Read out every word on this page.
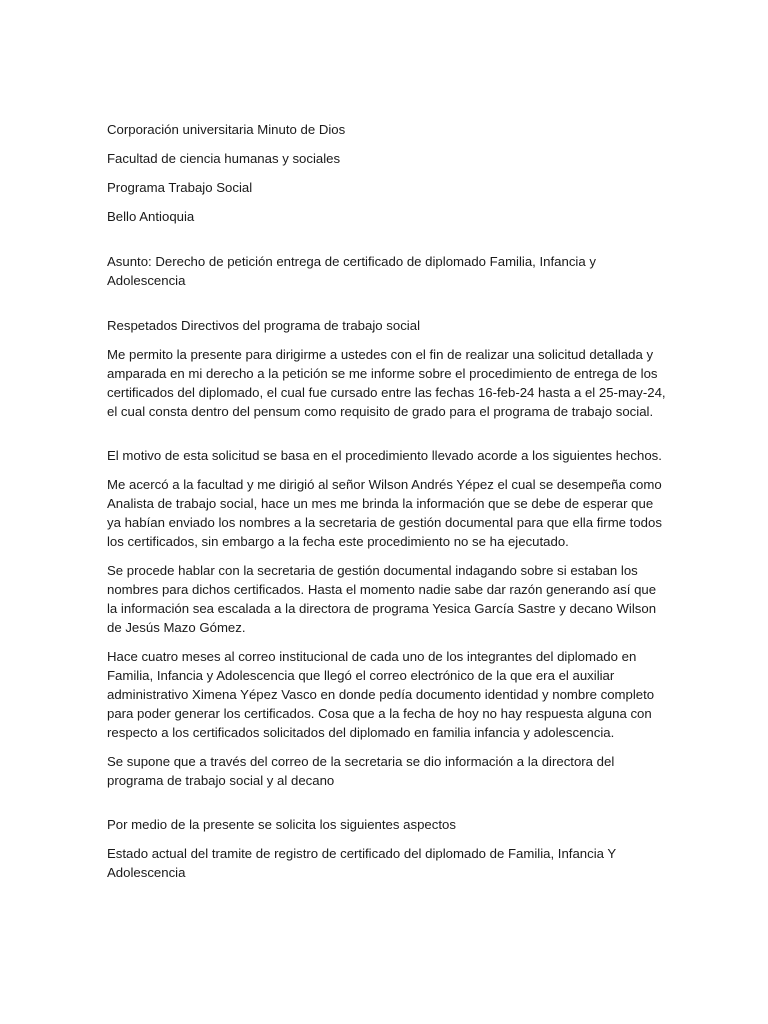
Corporación universitaria Minuto de Dios

Facultad de ciencia humanas y sociales

Programa Trabajo Social

Bello Antioquia

Asunto: Derecho de petición entrega de certificado de diplomado Familia, Infancia y Adolescencia

Respetados Directivos del programa de trabajo social

Me permito la presente para dirigirme a ustedes con el fin de realizar una solicitud detallada y amparada en mi derecho a la petición se me informe sobre el procedimiento de entrega de los certificados del diplomado, el cual fue cursado entre las fechas 16-feb-24 hasta a el 25-may-24, el cual consta dentro del pensum como requisito de grado para el programa de trabajo social.

El motivo de esta solicitud se basa en el procedimiento llevado acorde a los siguientes hechos.

Me acercó a la facultad y me dirigió al señor Wilson Andrés Yépez el cual se desempeña como Analista de trabajo social, hace un mes me brinda la información que se debe de esperar que ya habían enviado los nombres a la secretaria de gestión documental para que ella firme todos los certificados, sin embargo a la fecha este procedimiento no se ha ejecutado.

Se procede hablar con la secretaria de gestión documental indagando sobre si estaban los nombres para dichos certificados. Hasta el momento nadie sabe dar razón generando así que la información sea escalada a la directora de programa Yesica García Sastre y decano Wilson de Jesús Mazo Gómez.

Hace cuatro meses al correo institucional de cada uno de los integrantes del diplomado en Familia, Infancia y Adolescencia que llegó el correo electrónico de la que era el auxiliar administrativo Ximena Yépez Vasco en donde pedía documento identidad y nombre completo para poder generar los certificados. Cosa que a la fecha de hoy no hay respuesta alguna con respecto a los certificados solicitados del diplomado en familia infancia y adolescencia.

Se supone que a través del correo de la secretaria se dio información a la directora del programa de trabajo social y al decano

Por medio de la presente se solicita los siguientes aspectos

Estado actual del tramite de registro de certificado del diplomado de Familia, Infancia Y Adolescencia
